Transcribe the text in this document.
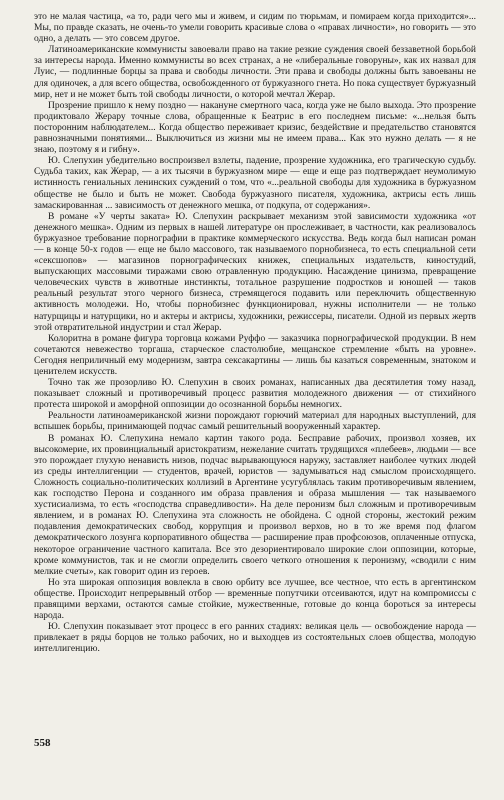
это не малая частица, «а то, ради чего мы и живем, и сидим по тюрьмам, и помираем когда приходится»... Мы, по правде сказать, не очень-то умели говорить красивые слова о «правах личности», но говорить — это одно, а делать — это совсем другое.

Латиноамериканские коммунисты завоевали право на такие резкие суждения своей беззаветной борьбой за интересы народа. Именно коммунисты во всех странах, а не «либеральные говоруны», как их назвал для Луис, — подлинные борцы за права и свободы личности. Эти права и свободы должны быть завоеваны не для одиночек, а для всего общества, освобожденного от буржуазного гнета. Но пока существует буржуазный мир, нет и не может быть той свободы личности, о которой мечтал Жерар.

Прозрение пришло к нему поздно — накануне смертного часа, когда уже не было выхода. Это прозрение продиктовало Жерару точные слова, обращенные к Беатрис в его последнем письме: «...нельзя быть посторонним наблюдателем... Когда общество переживает кризис, бездействие и предательство становятся равнозначными понятиями... Выключиться из жизни мы не имеем права... Как это нужно делать — я не знаю, поэтому я и гибну».

Ю. Слепухин убедительно воспроизвел взлеты, падение, прозрение художника, его трагическую судьбу. Судьба таких, как Жерар, — а их тысячи в буржуазном мире — еще и еще раз подтверждает неумолимую истинность гениальных ленинских суждений о том, что «...реальной свободы для художника в буржуазном обществе не было и быть не может. Свобода буржуазного писателя, художника, актрисы есть лишь замаскированная ... зависимость от денежного мешка, от подкупа, от содержания».

В романе «У черты заката» Ю. Слепухин раскрывает механизм этой зависимости художника «от денежного мешка». Одним из первых в нашей литературе он прослеживает, в частности, как реализовалось буржуазное требование порнографии в практике коммерческого искусства. Ведь когда был написан роман — в конце 50-х годов — еще не было массового, так называемого порнобизнеса, то есть специальной сети «сексшопов» — магазинов порнографических книжек, специальных издательств, киностудий, выпускающих массовыми тиражами свою отравленную продукцию. Насаждение цинизма, превращение человеческих чувств в животные инстинкты, тотальное разрушение подростков и юношей — таков реальный результат этого черного бизнеса, стремящегося подавить или переключить общественную активность молодежи. Но, чтобы порнобизнес функционировал, нужны исполнители — не только натурщицы и натурщики, но и актеры и актрисы, художники, режиссеры, писатели. Одной из первых жертв этой отвратительной индустрии и стал Жерар.

Колоритна в романе фигура торговца кожами Руффо — заказчика порнографической продукции. В нем сочетаются невежество торгаша, старческое сластолюбие, мещанское стремление «быть на уровне». Сегодня неприличный ему модернизм, завтра сексакартины — лишь бы казаться современным, знатоком и ценителем искусств.

Точно так же прозорливо Ю. Слепухин в своих романах, написанных два десятилетия тому назад, показывает сложный и противоречивый процесс развития молодежного движения — от стихийного протеста широкой и аморфной оппозиции до осознанной борьбы немногих.

Реальности латиноамериканской жизни порождают горючий материал для народных выступлений, для вспышек борьбы, принимающей подчас самый решительный вооруженный характер.

В романах Ю. Слепухина немало картин такого рода. Бесправие рабочих, произвол хозяев, их высокомерие, их провинциальный аристократизм, нежелание считать трудящихся «плебеев», людьми — все это порождает глухую ненависть низов, подчас вырывающуюся наружу, заставляет наиболее чутких людей из среды интеллигенции — студентов, врачей, юристов — задумываться над смыслом происходящего. Сложность социально-политических коллизий в Аргентине усугублялась таким противоречивым явлением, как господство Перона и созданного им образа правления и образа мышления — так называемого хустисиализма, то есть «господства справедливости». На деле перонизм был сложным и противоречивым явлением, и в романах Ю. Слепухина эта сложность не обойдена. С одной стороны, жестокий режим подавления демократических свобод, коррупция и произвол верхов, но в то же время под флагом демократического лозунга корпоративного общества — расширение прав профсоюзов, оплаченные отпуска, некоторое ограничение частного капитала. Все это дезориентировало широкие слои оппозиции, которые, кроме коммунистов, так и не смогли определить своего четкого отношения к перонизму, «сводили с ним мелкие счеты», как говорит один из героев.

Но эта широкая оппозиция вовлекла в свою орбиту все лучшее, все честное, что есть в аргентинском обществе. Происходит непрерывный отбор — временные попутчики отсеиваются, идут на компромиссы с правящими верхами, остаются самые стойкие, мужественные, готовые до конца бороться за интересы народа.

Ю. Слепухин показывает этот процесс в его ранних стадиях: великая цель — освобождение народа — привлекает в ряды борцов не только рабочих, но и выходцев из состоятельных слоев общества, молодую интеллигенцию.

558
